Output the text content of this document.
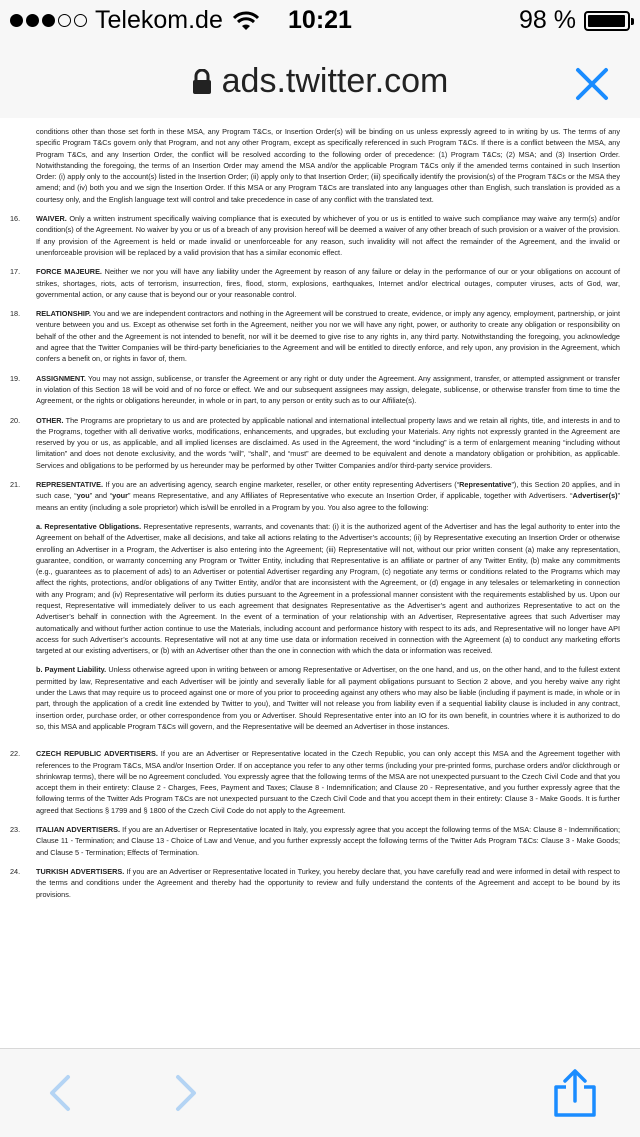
Telekom.de	10:21	98 %
ads.twitter.com
conditions other than those set forth in these MSA, any Program T&Cs, or Insertion Order(s) will be binding on us unless expressly agreed to in writing by us. The terms of any specific Program T&Cs govern only that Program, and not any other Program, except as specifically referenced in such Program T&Cs. If there is a conflict between the MSA, any Program T&Cs, and any Insertion Order, the conflict will be resolved according to the following order of precedence: (1) Program T&Cs; (2) MSA; and (3) Insertion Order. Notwithstanding the foregoing, the terms of an Insertion Order may amend the MSA and/or the applicable Program T&Cs only if the amended terms contained in such Insertion Order: (i) apply only to the account(s) listed in the Insertion Order; (ii) apply only to that Insertion Order; (iii) specifically identify the provision(s) of the Program T&Cs or the MSA they amend; and (iv) both you and we sign the Insertion Order. If this MSA or any Program T&Cs are translated into any languages other than English, such translation is provided as a courtesy only, and the English language text will control and take precedence in case of any conflict with the translated text.
16.	WAIVER. Only a written instrument specifically waiving compliance that is executed by whichever of you or us is entitled to waive such compliance may waive any term(s) and/or condition(s) of the Agreement. No waiver by you or us of a breach of any provision hereof will be deemed a waiver of any other breach of such provision or a waiver of the provision. If any provision of the Agreement is held or made invalid or unenforceable for any reason, such invalidity will not affect the remainder of the Agreement, and the invalid or unenforceable provision will be replaced by a valid provision that has a similar economic effect.
17.	FORCE MAJEURE. Neither we nor you will have any liability under the Agreement by reason of any failure or delay in the performance of our or your obligations on account of strikes, shortages, riots, acts of terrorism, insurrection, fires, flood, storm, explosions, earthquakes, Internet and/or electrical outages, computer viruses, acts of God, war, governmental action, or any cause that is beyond our or your reasonable control.
18.	RELATIONSHIP. You and we are independent contractors and nothing in the Agreement will be construed to create, evidence, or imply any agency, employment, partnership, or joint venture between you and us. Except as otherwise set forth in the Agreement, neither you nor we will have any right, power, or authority to create any obligation or responsibility on behalf of the other and the Agreement is not intended to benefit, nor will it be deemed to give rise to any rights in, any third party. Notwithstanding the foregoing, you acknowledge and agree that the Twitter Companies will be third-party beneficiaries to the Agreement and will be entitled to directly enforce, and rely upon, any provision in the Agreement, which confers a benefit on, or rights in favor of, them.
19.	ASSIGNMENT. You may not assign, sublicense, or transfer the Agreement or any right or duty under the Agreement. Any assignment, transfer, or attempted assignment or transfer in violation of this Section 18 will be void and of no force or effect. We and our subsequent assignees may assign, delegate, sublicense, or otherwise transfer from time to time the Agreement, or the rights or obligations hereunder, in whole or in part, to any person or entity such as to our Affiliate(s).
20.	OTHER. The Programs are proprietary to us and are protected by applicable national and international intellectual property laws and we retain all rights, title, and interests in and to the Programs, together with all derivative works, modifications, enhancements, and upgrades, but excluding your Materials. Any rights not expressly granted in the Agreement are reserved by you or us, as applicable, and all implied licenses are disclaimed. As used in the Agreement, the word “including” is a term of enlargement meaning “including without limitation” and does not denote exclusivity, and the words “will”, “shall”, and “must” are deemed to be equivalent and denote a mandatory obligation or prohibition, as applicable. Services and obligations to be performed by us hereunder may be performed by other Twitter Companies and/or third-party service providers.
21.	REPRESENTATIVE. If you are an advertising agency, search engine marketer, reseller, or other entity representing Advertisers (“Representative”), this Section 20 applies, and in such case, “you” and “your” means Representative, and any Affiliates of Representative who execute an Insertion Order, if applicable, together with Advertisers. “Advertiser(s)” means an entity (including a sole proprietor) which is/will be enrolled in a Program by you. You also agree to the following:
a. Representative Obligations. Representative represents, warrants, and covenants that: (i) it is the authorized agent of the Advertiser and has the legal authority to enter into the Agreement on behalf of the Advertiser, make all decisions, and take all actions relating to the Advertiser’s accounts; (ii) by Representative executing an Insertion Order or otherwise enrolling an Advertiser in a Program, the Advertiser is also entering into the Agreement; (iii) Representative will not, without our prior written consent (a) make any representation, guarantee, condition, or warranty concerning any Program or Twitter Entity, including that Representative is an affiliate or partner of any Twitter Entity, (b) make any commitments (e.g., guarantees as to placement of ads) to an Advertiser or potential Advertiser regarding any Program, (c) negotiate any terms or conditions related to the Programs which may affect the rights, protections, and/or obligations of any Twitter Entity, and/or that are inconsistent with the Agreement, or (d) engage in any telesales or telemarketing in connection with any Program; and (iv) Representative will perform its duties pursuant to the Agreement in a professional manner consistent with the requirements established by us. Upon our request, Representative will immediately deliver to us each agreement that designates Representative as the Advertiser’s agent and authorizes Representative to act on the Advertiser’s behalf in connection with the Agreement. In the event of a termination of your relationship with an Advertiser, Representative agrees that such Advertiser may automatically and without further action continue to use the Materials, including account and performance history with respect to its ads, and Representative will no longer have API access for such Advertiser’s accounts. Representative will not at any time use data or information received in connection with the Agreement (a) to conduct any marketing efforts targeted at our existing advertisers, or (b) with an Advertiser other than the one in connection with which the data or information was received.
b. Payment Liability. Unless otherwise agreed upon in writing between or among Representative or Advertiser, on the one hand, and us, on the other hand, and to the fullest extent permitted by law, Representative and each Advertiser will be jointly and severally liable for all payment obligations pursuant to Section 2 above, and you hereby waive any right under the Laws that may require us to proceed against one or more of you prior to proceeding against any others who may also be liable (including if payment is made, in whole or in part, through the application of a credit line extended by Twitter to you), and Twitter will not release you from liability even if a sequential liability clause is included in any contract, insertion order, purchase order, or other correspondence from you or Advertiser. Should Representative enter into an IO for its own benefit, in countries where it is authorized to do so, this MSA and applicable Program T&Cs will govern, and the Representative will be deemed an Advertiser in those instances.
22.	CZECH REPUBLIC ADVERTISERS. If you are an Advertiser or Representative located in the Czech Republic, you can only accept this MSA and the Agreement together with references to the Program T&Cs, MSA and/or Insertion Order. If on acceptance you refer to any other terms (including your pre-printed forms, purchase orders and/or clickthrough or shrinkwrap terms), there will be no Agreement concluded. You expressly agree that the following terms of the MSA are not unexpected pursuant to the Czech Civil Code and that you accept them in their entirety: Clause 2 - Charges, Fees, Payment and Taxes; Clause 8 - Indemnification; and Clause 20 - Representative, and you further expressly agree that the following terms of the Twitter Ads Program T&Cs are not unexpected pursuant to the Czech Civil Code and that you accept them in their entirety: Clause 3 - Make Goods. It is further agreed that Sections § 1799 and § 1800 of the Czech Civil Code do not apply to the Agreement.
23.	ITALIAN ADVERTISERS. If you are an Advertiser or Representative located in Italy, you expressly agree that you accept the following terms of the MSA: Clause 8 - Indemnification; Clause 11 - Termination; and Clause 13 - Choice of Law and Venue, and you further expressly accept the following terms of the Twitter Ads Program T&Cs: Clause 3 - Make Goods; and Clause 5 - Termination; Effects of Termination.
24.	TURKISH ADVERTISERS. If you are an Advertiser or Representative located in Turkey, you hereby declare that, you have carefully read and were informed in detail with respect to the terms and conditions under the Agreement and thereby had the opportunity to review and fully understand the contents of the Agreement and accept to be bound by its provisions.
